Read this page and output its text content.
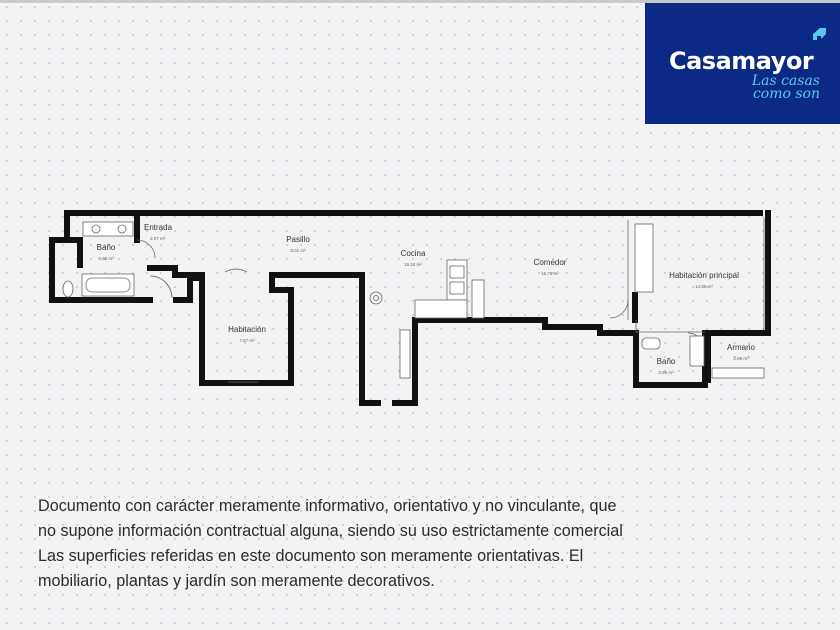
Casamayor
Las casas
como son
Entrada
3.07 m²
Baño
5.68 m²
Pasillo
8.01 m²	Cocina
15.34 m²	Comedor
16.79 m²	Habitación principal
14.89 m²
Habitación
7.87 m²
Baño
2.96 m²
Armario
2.96 m²
Documento con carácter meramente informativo, orientativo y no vinculante, que
no supone información contractual alguna, siendo su uso estrictamente comercial
Las superficies referidas en este documento son meramente orientativas. El
mobiliario, plantas y jardín son meramente decorativos.
